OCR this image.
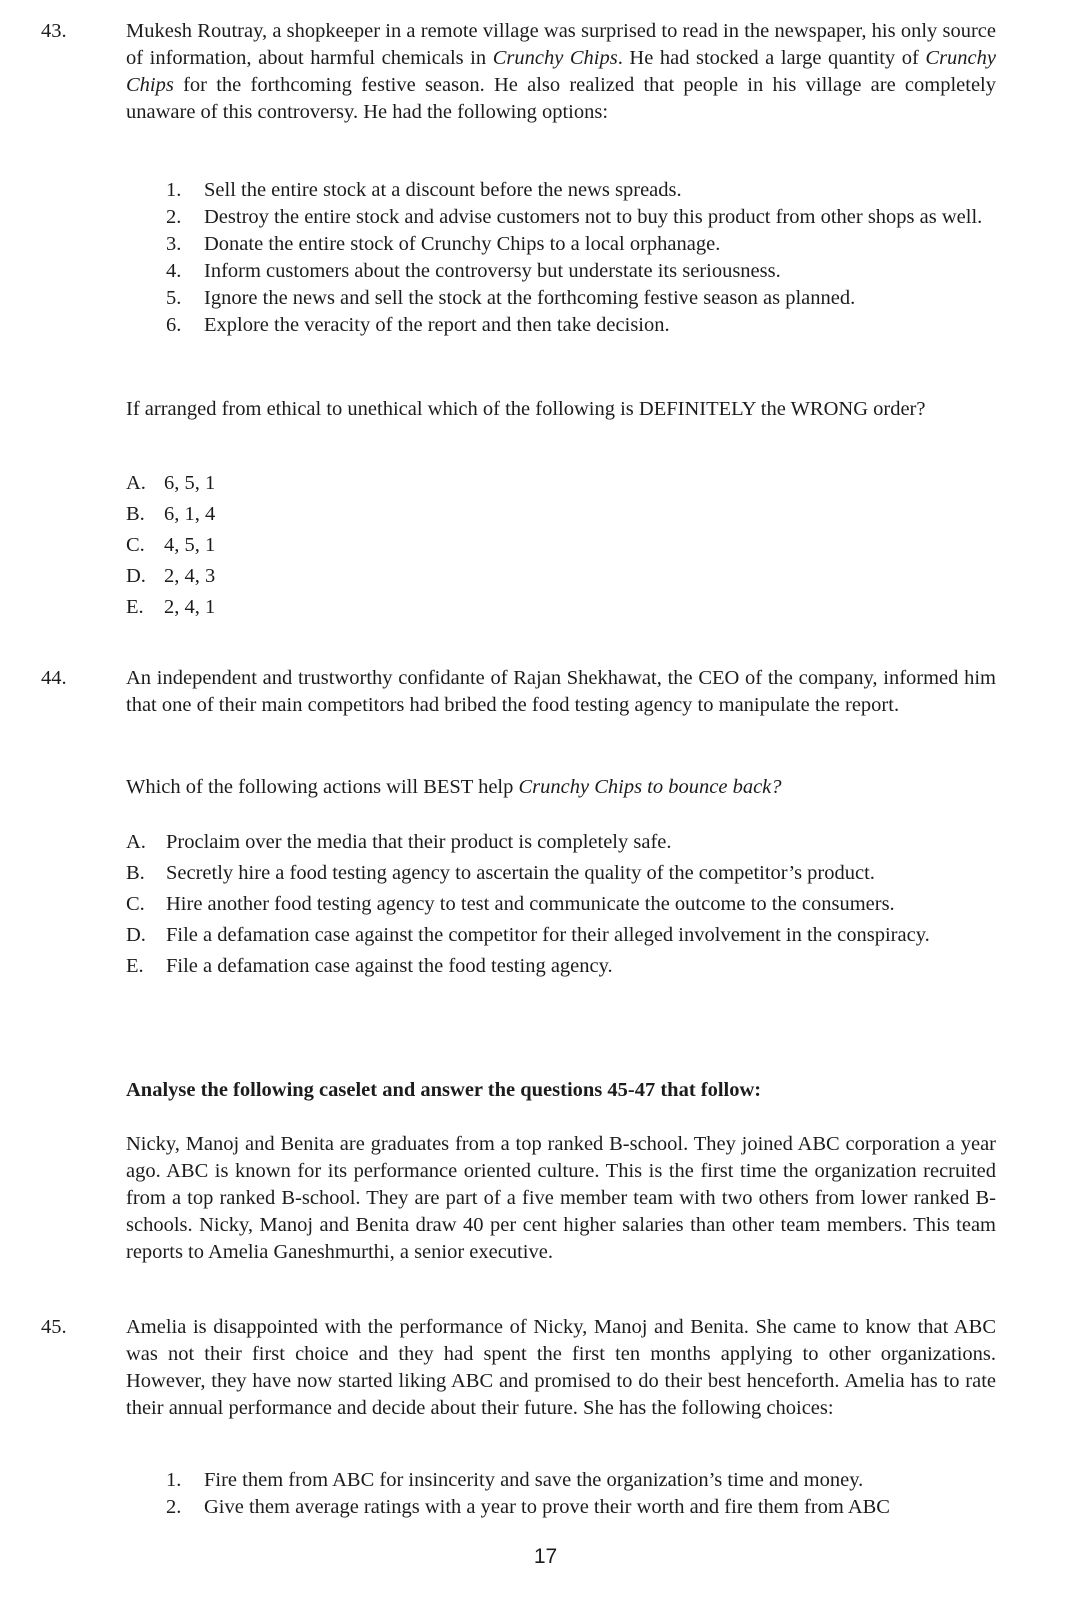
43.	Mukesh Routray, a shopkeeper in a remote village was surprised to read in the newspaper, his only source of information, about harmful chemicals in Crunchy Chips. He had stocked a large quantity of Crunchy Chips for the forthcoming festive season. He also realized that people in his village are completely unaware of this controversy. He had the following options:

1. Sell the entire stock at a discount before the news spreads.
2. Destroy the entire stock and advise customers not to buy this product from other shops as well.
3. Donate the entire stock of Crunchy Chips to a local orphanage.
4. Inform customers about the controversy but understate its seriousness.
5. Ignore the news and sell the stock at the forthcoming festive season as planned.
6. Explore the veracity of the report and then take decision.

If arranged from ethical to unethical which of the following is DEFINITELY the WRONG order?

A. 6, 5, 1
B. 6, 1, 4
C. 4, 5, 1
D. 2, 4, 3
E. 2, 4, 1
44.	An independent and trustworthy confidante of Rajan Shekhawat, the CEO of the company, informed him that one of their main competitors had bribed the food testing agency to manipulate the report.

Which of the following actions will BEST help Crunchy Chips to bounce back?

A. Proclaim over the media that their product is completely safe.
B. Secretly hire a food testing agency to ascertain the quality of the competitor’s product.
C. Hire another food testing agency to test and communicate the outcome to the consumers.
D. File a defamation case against the competitor for their alleged involvement in the conspiracy.
E. File a defamation case against the food testing agency.
Analyse the following caselet and answer the questions 45-47 that follow:

Nicky, Manoj and Benita are graduates from a top ranked B-school. They joined ABC corporation a year ago. ABC is known for its performance oriented culture. This is the first time the organization recruited from a top ranked B-school. They are part of a five member team with two others from lower ranked B-schools. Nicky, Manoj and Benita draw 40 per cent higher salaries than other team members. This team reports to Amelia Ganeshmurthi, a senior executive.

45.	Amelia is disappointed with the performance of Nicky, Manoj and Benita. She came to know that ABC was not their first choice and they had spent the first ten months applying to other organizations. However, they have now started liking ABC and promised to do their best henceforth. Amelia has to rate their annual performance and decide about their future. She has the following choices:

1. Fire them from ABC for insincerity and save the organization’s time and money.
2. Give them average ratings with a year to prove their worth and fire them from ABC
17
